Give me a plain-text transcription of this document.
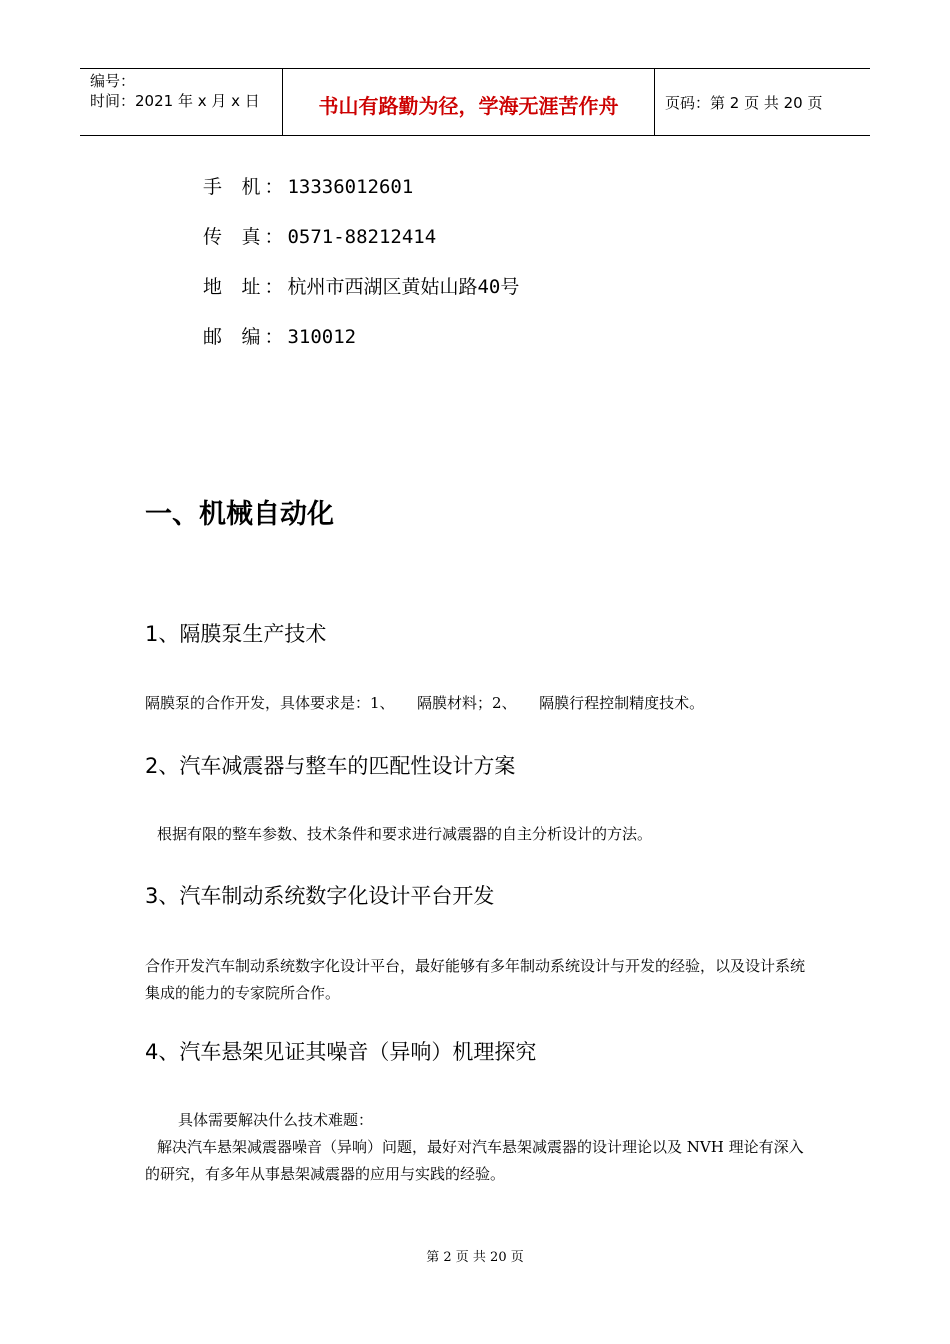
编号：
时间：2021 年 x 月 x 日	书山有路勤为径，学海无涯苦作舟	页码：第 2 页 共 20 页
手 机：13336012601
传 真：0571-88212414
地 址：杭州市西湖区黄姑山路40号
邮 编：310012
一、机械自动化
1、隔膜泵生产技术
隔膜泵的合作开发，具体要求是：1、　　隔膜材料；2、　　隔膜行程控制精度技术。
2、汽车减震器与整车的匹配性设计方案
根据有限的整车参数、技术条件和要求进行减震器的自主分析设计的方法。
3、汽车制动系统数字化设计平台开发
合作开发汽车制动系统数字化设计平台，最好能够有多年制动系统设计与开发的经验，以及设计系统集成的能力的专家院所合作。
4、汽车悬架见证其噪音（异响）机理探究
具体需要解决什么技术难题：
解决汽车悬架减震器噪音（异响）问题，最好对汽车悬架减震器的设计理论以及 NVH 理论有深入的研究，有多年从事悬架减震器的应用与实践的经验。
第 2 页 共 20 页
